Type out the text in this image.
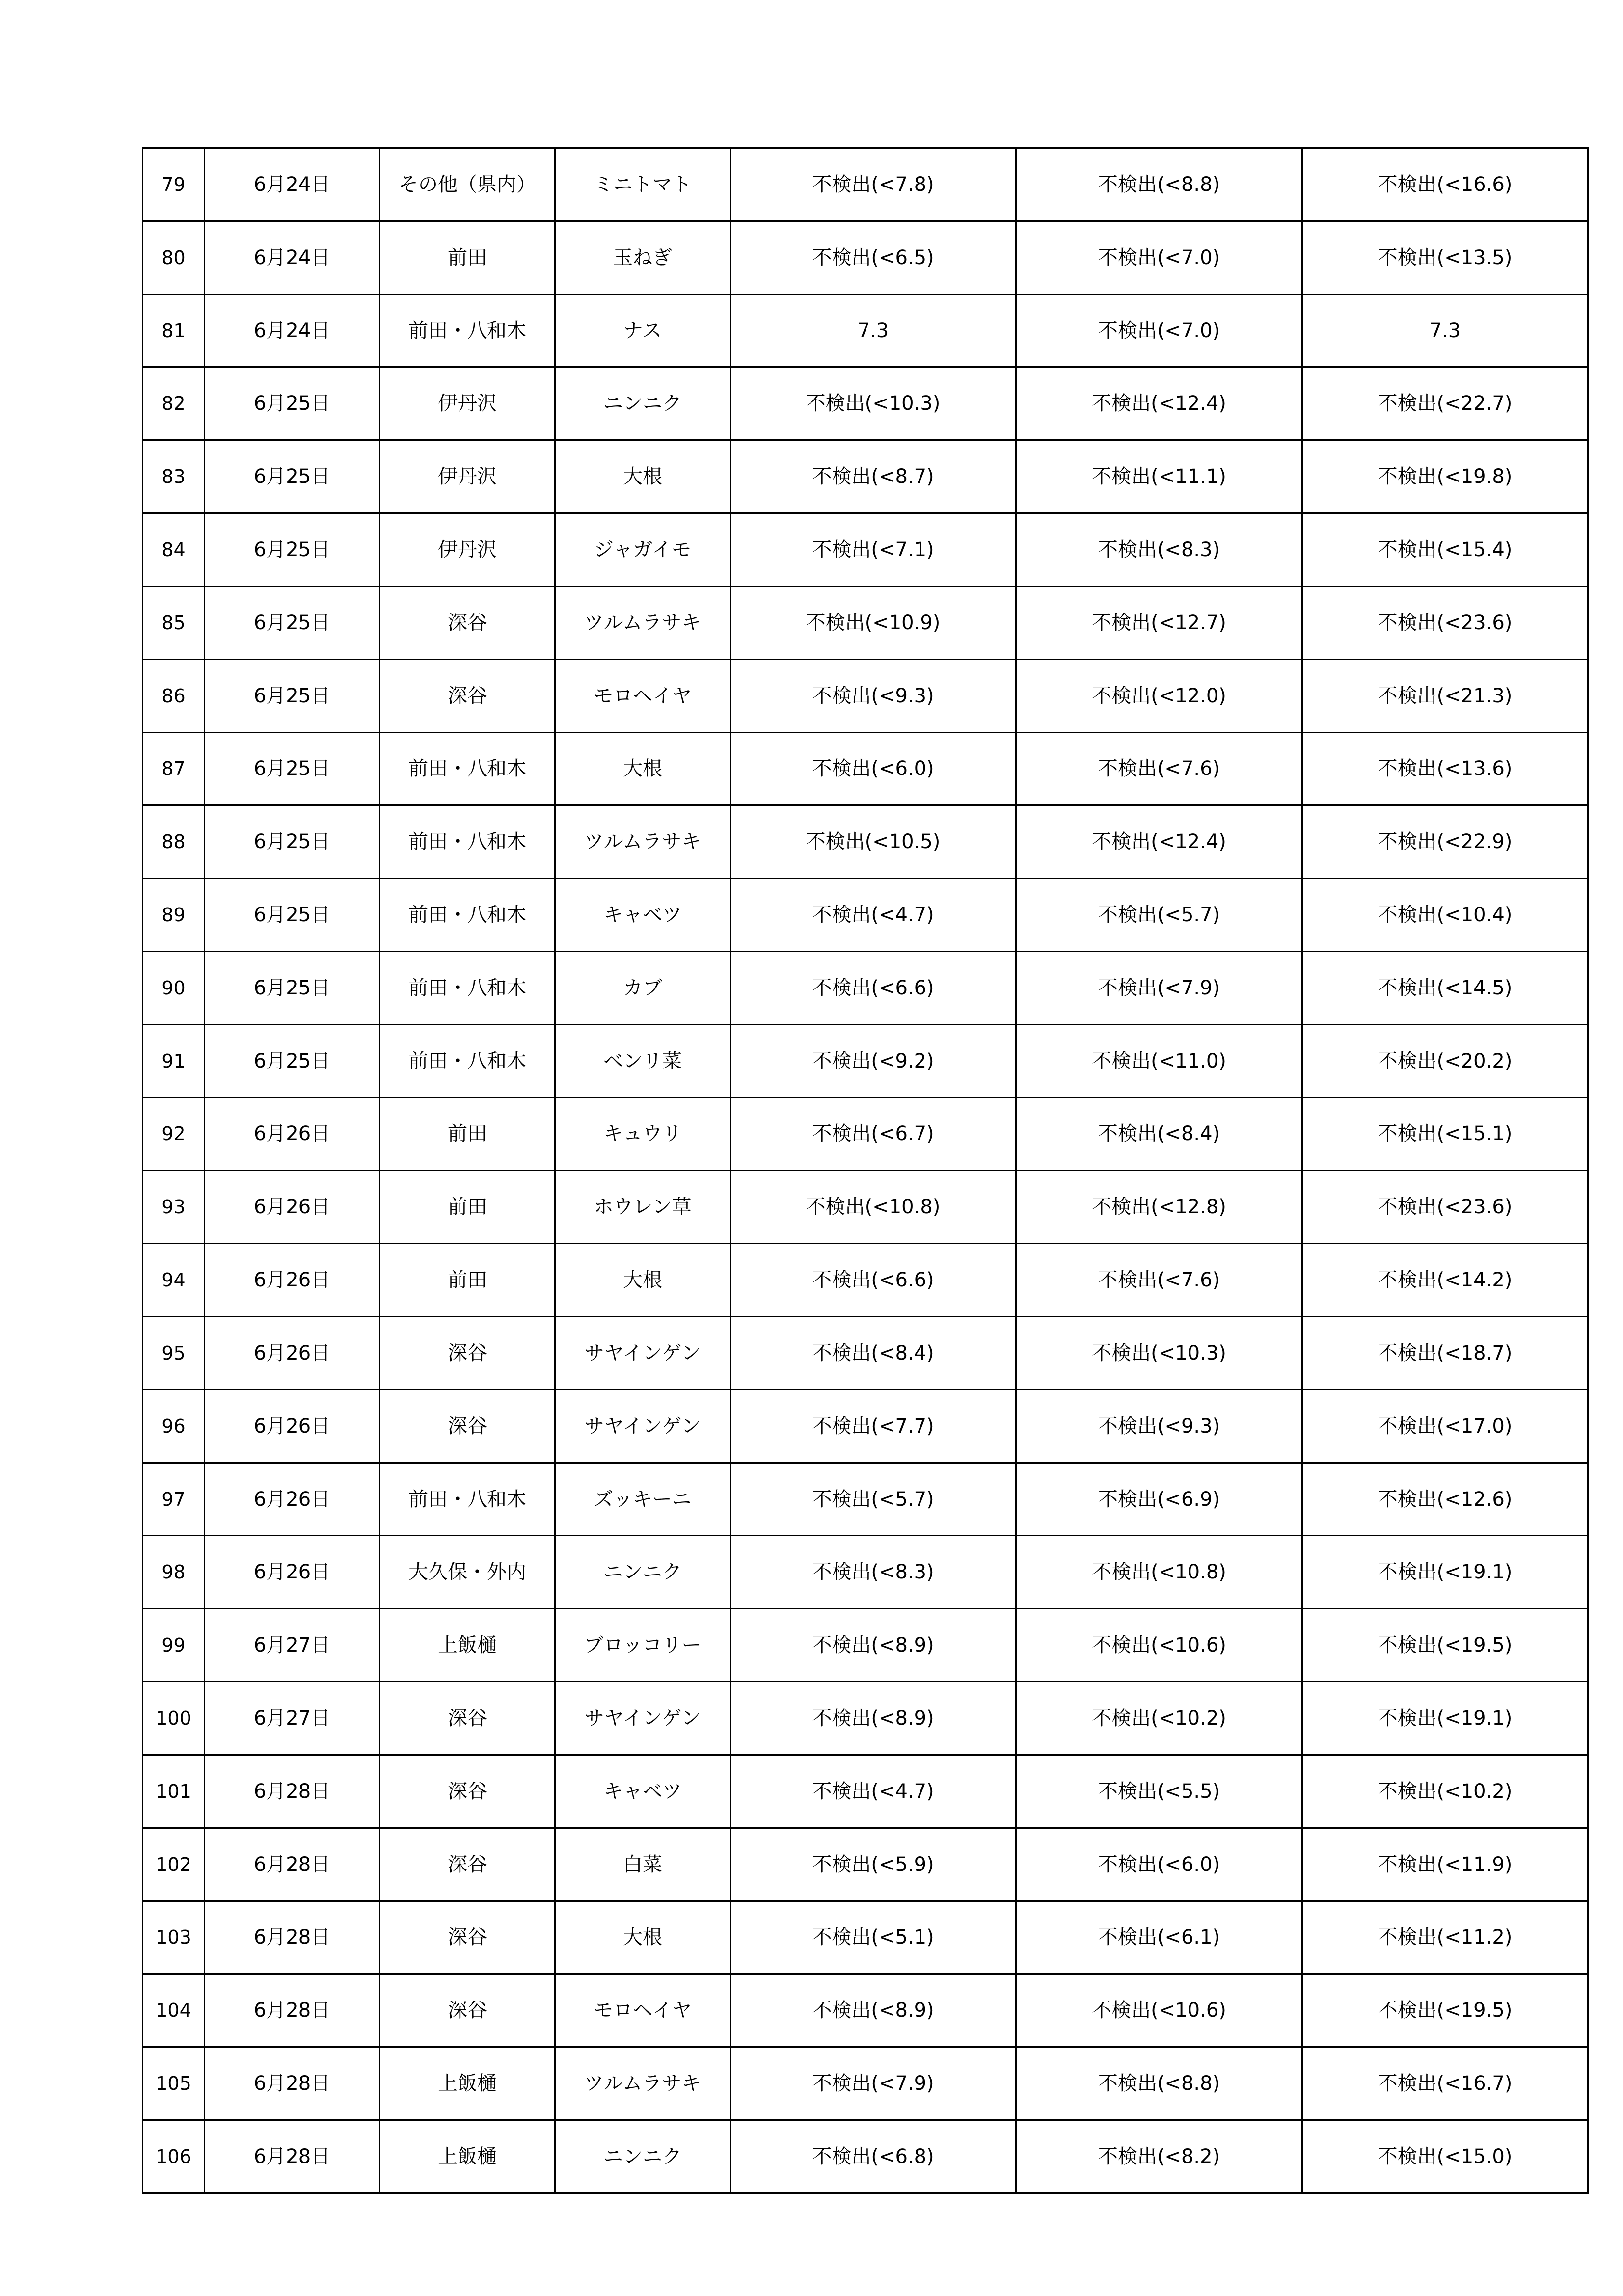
79	6月24日	その他（県内）	ミニトマト	不検出(<7.8)	不検出(<8.8)	不検出(<16.6)
80	6月24日	前田	玉ねぎ	不検出(<6.5)	不検出(<7.0)	不検出(<13.5)
81	6月24日	前田・八和木	ナス	7.3	不検出(<7.0)	7.3
82	6月25日	伊丹沢	ニンニク	不検出(<10.3)	不検出(<12.4)	不検出(<22.7)
83	6月25日	伊丹沢	大根	不検出(<8.7)	不検出(<11.1)	不検出(<19.8)
84	6月25日	伊丹沢	ジャガイモ	不検出(<7.1)	不検出(<8.3)	不検出(<15.4)
85	6月25日	深谷	ツルムラサキ	不検出(<10.9)	不検出(<12.7)	不検出(<23.6)
86	6月25日	深谷	モロヘイヤ	不検出(<9.3)	不検出(<12.0)	不検出(<21.3)
87	6月25日	前田・八和木	大根	不検出(<6.0)	不検出(<7.6)	不検出(<13.6)
88	6月25日	前田・八和木	ツルムラサキ	不検出(<10.5)	不検出(<12.4)	不検出(<22.9)
89	6月25日	前田・八和木	キャベツ	不検出(<4.7)	不検出(<5.7)	不検出(<10.4)
90	6月25日	前田・八和木	カブ	不検出(<6.6)	不検出(<7.9)	不検出(<14.5)
91	6月25日	前田・八和木	ベンリ菜	不検出(<9.2)	不検出(<11.0)	不検出(<20.2)
92	6月26日	前田	キュウリ	不検出(<6.7)	不検出(<8.4)	不検出(<15.1)
93	6月26日	前田	ホウレン草	不検出(<10.8)	不検出(<12.8)	不検出(<23.6)
94	6月26日	前田	大根	不検出(<6.6)	不検出(<7.6)	不検出(<14.2)
95	6月26日	深谷	サヤインゲン	不検出(<8.4)	不検出(<10.3)	不検出(<18.7)
96	6月26日	深谷	サヤインゲン	不検出(<7.7)	不検出(<9.3)	不検出(<17.0)
97	6月26日	前田・八和木	ズッキーニ	不検出(<5.7)	不検出(<6.9)	不検出(<12.6)
98	6月26日	大久保・外内	ニンニク	不検出(<8.3)	不検出(<10.8)	不検出(<19.1)
99	6月27日	上飯樋	ブロッコリー	不検出(<8.9)	不検出(<10.6)	不検出(<19.5)
100	6月27日	深谷	サヤインゲン	不検出(<8.9)	不検出(<10.2)	不検出(<19.1)
101	6月28日	深谷	キャベツ	不検出(<4.7)	不検出(<5.5)	不検出(<10.2)
102	6月28日	深谷	白菜	不検出(<5.9)	不検出(<6.0)	不検出(<11.9)
103	6月28日	深谷	大根	不検出(<5.1)	不検出(<6.1)	不検出(<11.2)
104	6月28日	深谷	モロヘイヤ	不検出(<8.9)	不検出(<10.6)	不検出(<19.5)
105	6月28日	上飯樋	ツルムラサキ	不検出(<7.9)	不検出(<8.8)	不検出(<16.7)
106	6月28日	上飯樋	ニンニク	不検出(<6.8)	不検出(<8.2)	不検出(<15.0)
